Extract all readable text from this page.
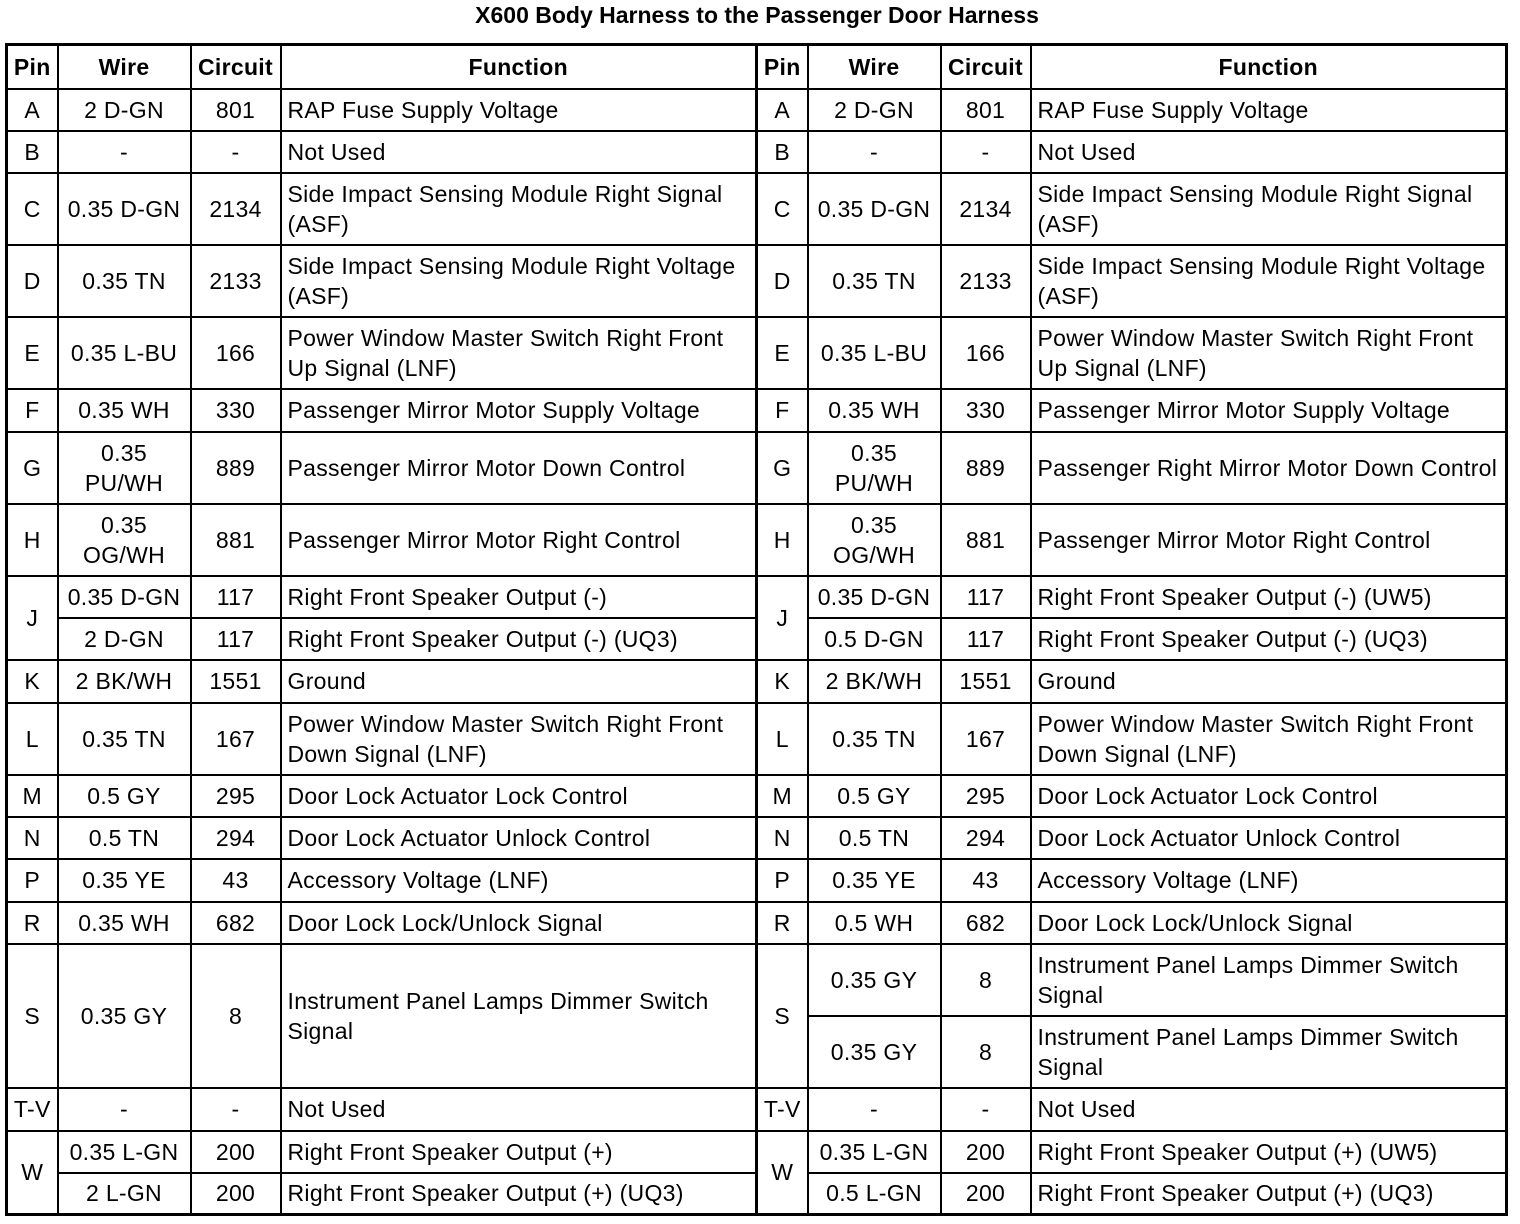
X600 Body Harness to the Passenger Door Harness
Pin	Wire	Circuit	Function	Pin	Wire	Circuit	Function
A	2 D-GN	801	RAP Fuse Supply Voltage	A	2 D-GN	801	RAP Fuse Supply Voltage
B	-	-	Not Used	B	-	-	Not Used
C	0.35 D-GN	2134	Side Impact Sensing Module Right Signal (ASF)	C	0.35 D-GN	2134	Side Impact Sensing Module Right Signal (ASF)
D	0.35 TN	2133	Side Impact Sensing Module Right Voltage (ASF)	D	0.35 TN	2133	Side Impact Sensing Module Right Voltage (ASF)
E	0.35 L-BU	166	Power Window Master Switch Right Front Up Signal (LNF)	E	0.35 L-BU	166	Power Window Master Switch Right Front Up Signal (LNF)
F	0.35 WH	330	Passenger Mirror Motor Supply Voltage	F	0.35 WH	330	Passenger Mirror Motor Supply Voltage
G	0.35 PU/WH	889	Passenger Mirror Motor Down Control	G	0.35 PU/WH	889	Passenger Right Mirror Motor Down Control
H	0.35 OG/WH	881	Passenger Mirror Motor Right Control	H	0.35 OG/WH	881	Passenger Mirror Motor Right Control
J	0.35 D-GN	117	Right Front Speaker Output (-)	J	0.35 D-GN	117	Right Front Speaker Output (-) (UW5)
	2 D-GN	117	Right Front Speaker Output (-) (UQ3)		0.5 D-GN	117	Right Front Speaker Output (-) (UQ3)
K	2 BK/WH	1551	Ground	K	2 BK/WH	1551	Ground
L	0.35 TN	167	Power Window Master Switch Right Front Down Signal (LNF)	L	0.35 TN	167	Power Window Master Switch Right Front Down Signal (LNF)
M	0.5 GY	295	Door Lock Actuator Lock Control	M	0.5 GY	295	Door Lock Actuator Lock Control
N	0.5 TN	294	Door Lock Actuator Unlock Control	N	0.5 TN	294	Door Lock Actuator Unlock Control
P	0.35 YE	43	Accessory Voltage (LNF)	P	0.35 YE	43	Accessory Voltage (LNF)
R	0.35 WH	682	Door Lock Lock/Unlock Signal	R	0.5 WH	682	Door Lock Lock/Unlock Signal
S	0.35 GY	8	Instrument Panel Lamps Dimmer Switch Signal	S	0.35 GY	8	Instrument Panel Lamps Dimmer Switch Signal
					0.35 GY	8	Instrument Panel Lamps Dimmer Switch Signal
T-V	-	-	Not Used	T-V	-	-	Not Used
W	0.35 L-GN	200	Right Front Speaker Output (+)	W	0.35 L-GN	200	Right Front Speaker Output (+) (UW5)
	2 L-GN	200	Right Front Speaker Output (+) (UQ3)		0.5 L-GN	200	Right Front Speaker Output (+) (UQ3)
